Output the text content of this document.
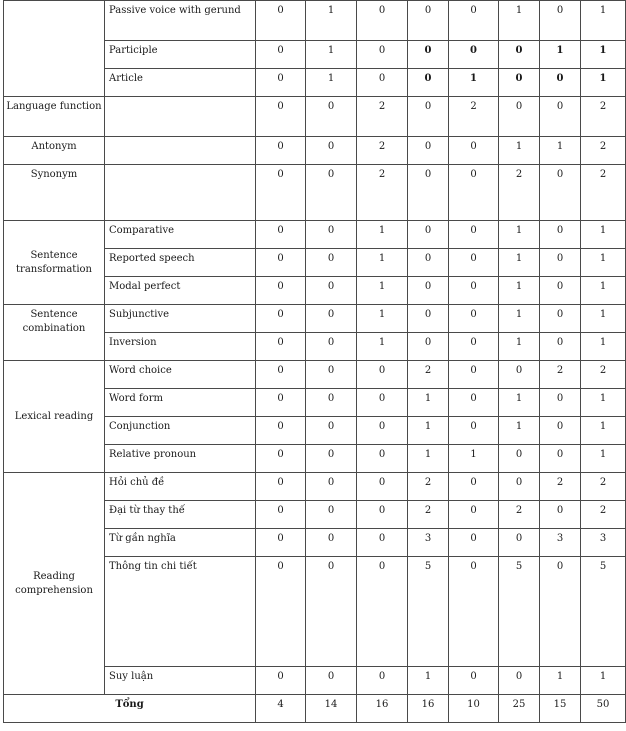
	Passive voice with gerund	0	1	0	0	0	1	0	1
	Participle	0	1	0	0	0	0	1	1
	Article	0	1	0	0	1	0	0	1
Language function		0	0	2	0	2	0	0	2
Antonym		0	0	2	0	0	1	1	2
Synonym		0	0	2	0	0	2	0	2
Sentence transformation	Comparative	0	0	1	0	0	1	0	1
	Reported speech	0	0	1	0	0	1	0	1
	Modal perfect	0	0	1	0	0	1	0	1
Sentence combination	Subjunctive	0	0	1	0	0	1	0	1
	Inversion	0	0	1	0	0	1	0	1
Lexical reading	Word choice	0	0	0	2	0	0	2	2
	Word form	0	0	0	1	0	1	0	1
	Conjunction	0	0	0	1	0	1	0	1
	Relative pronoun	0	0	0	1	1	0	0	1
Reading comprehension	Hỏi chủ đề	0	0	0	2	0	0	2	2
	Đại từ thay thế	0	0	0	2	0	2	0	2
	Từ gần nghĩa	0	0	0	3	0	0	3	3
	Thông tin chi tiết	0	0	0	5	0	5	0	5
	Suy luận	0	0	0	1	0	0	1	1
Tổng		4	14	16	16	10	25	15	50
